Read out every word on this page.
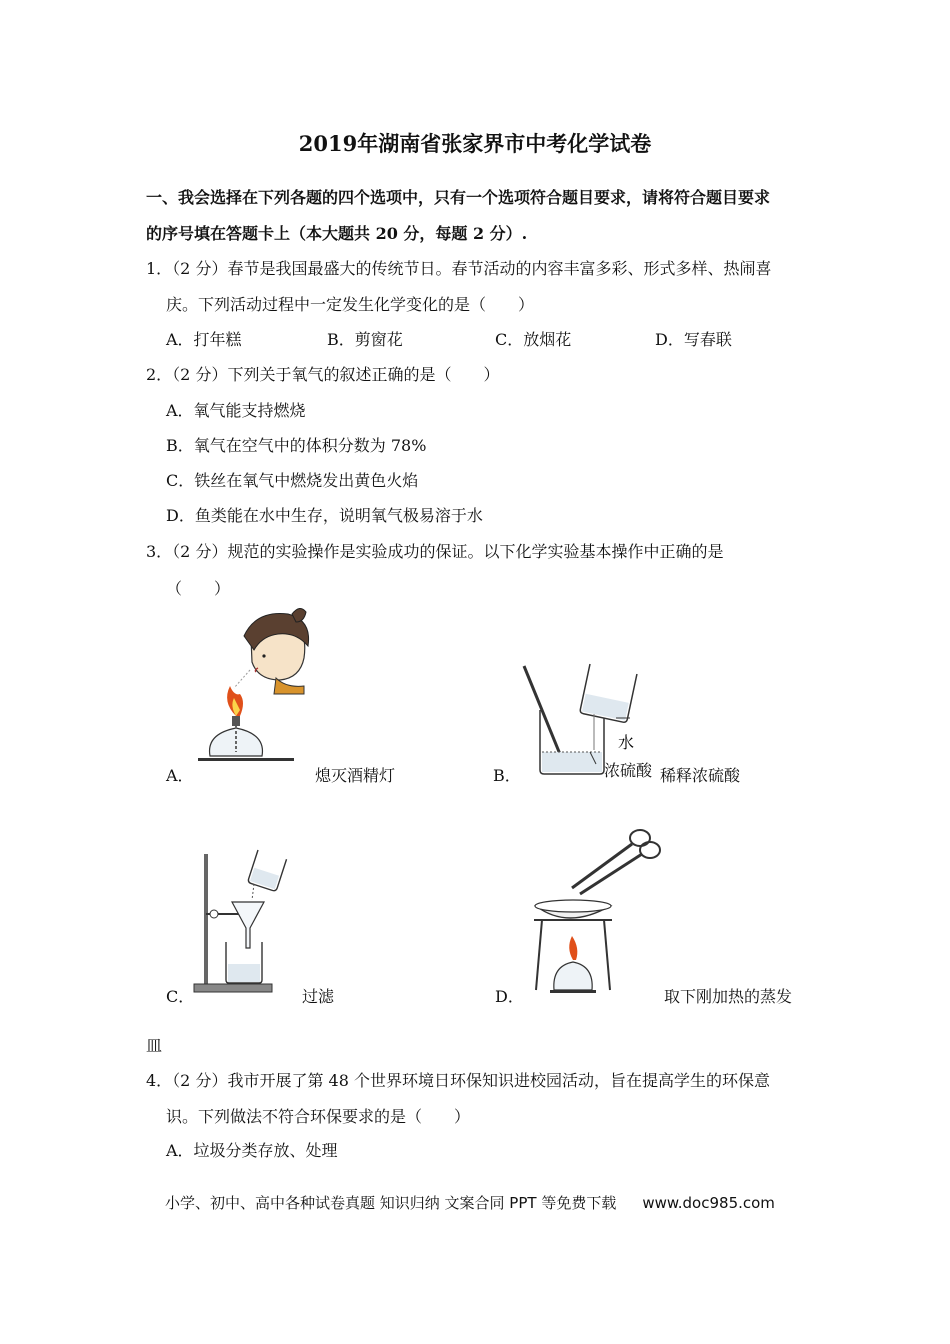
2019年湖南省张家界市中考化学试卷
一、我会选择在下列各题的四个选项中，只有一个选项符合题目要求，请将符合题目要求
的序号填在答题卡上（本大题共 20 分，每题 2 分）.
1．（2 分）春节是我国最盛大的传统节日。春节活动的内容丰富多彩、形式多样、热闹喜
庆。下列活动过程中一定发生化学变化的是（　　）
A．打年糕	B．剪窗花	C．放烟花	D．写春联
2．（2 分）下列关于氧气的叙述正确的是（　　）
A．氧气能支持燃烧
B．氧气在空气中的体积分数为 78%
C．铁丝在氧气中燃烧发出黄色火焰
D．鱼类能在水中生存，说明氧气极易溶于水
3．（2 分）规范的实验操作是实验成功的保证。以下化学实验基本操作中正确的是
（　　）
A．	熄灭酒精灯
水
B．	浓硫酸 稀释浓硫酸
C．	过滤	D．	取下刚加热的蒸发
皿
4．（2 分）我市开展了第 48 个世界环境日环保知识进校园活动，旨在提高学生的环保意
识。下列做法不符合环保要求的是（　　）
A．垃圾分类存放、处理
小学、初中、高中各种试卷真题 知识归纳 文案合同 PPT 等免费下载 www.doc985.com
